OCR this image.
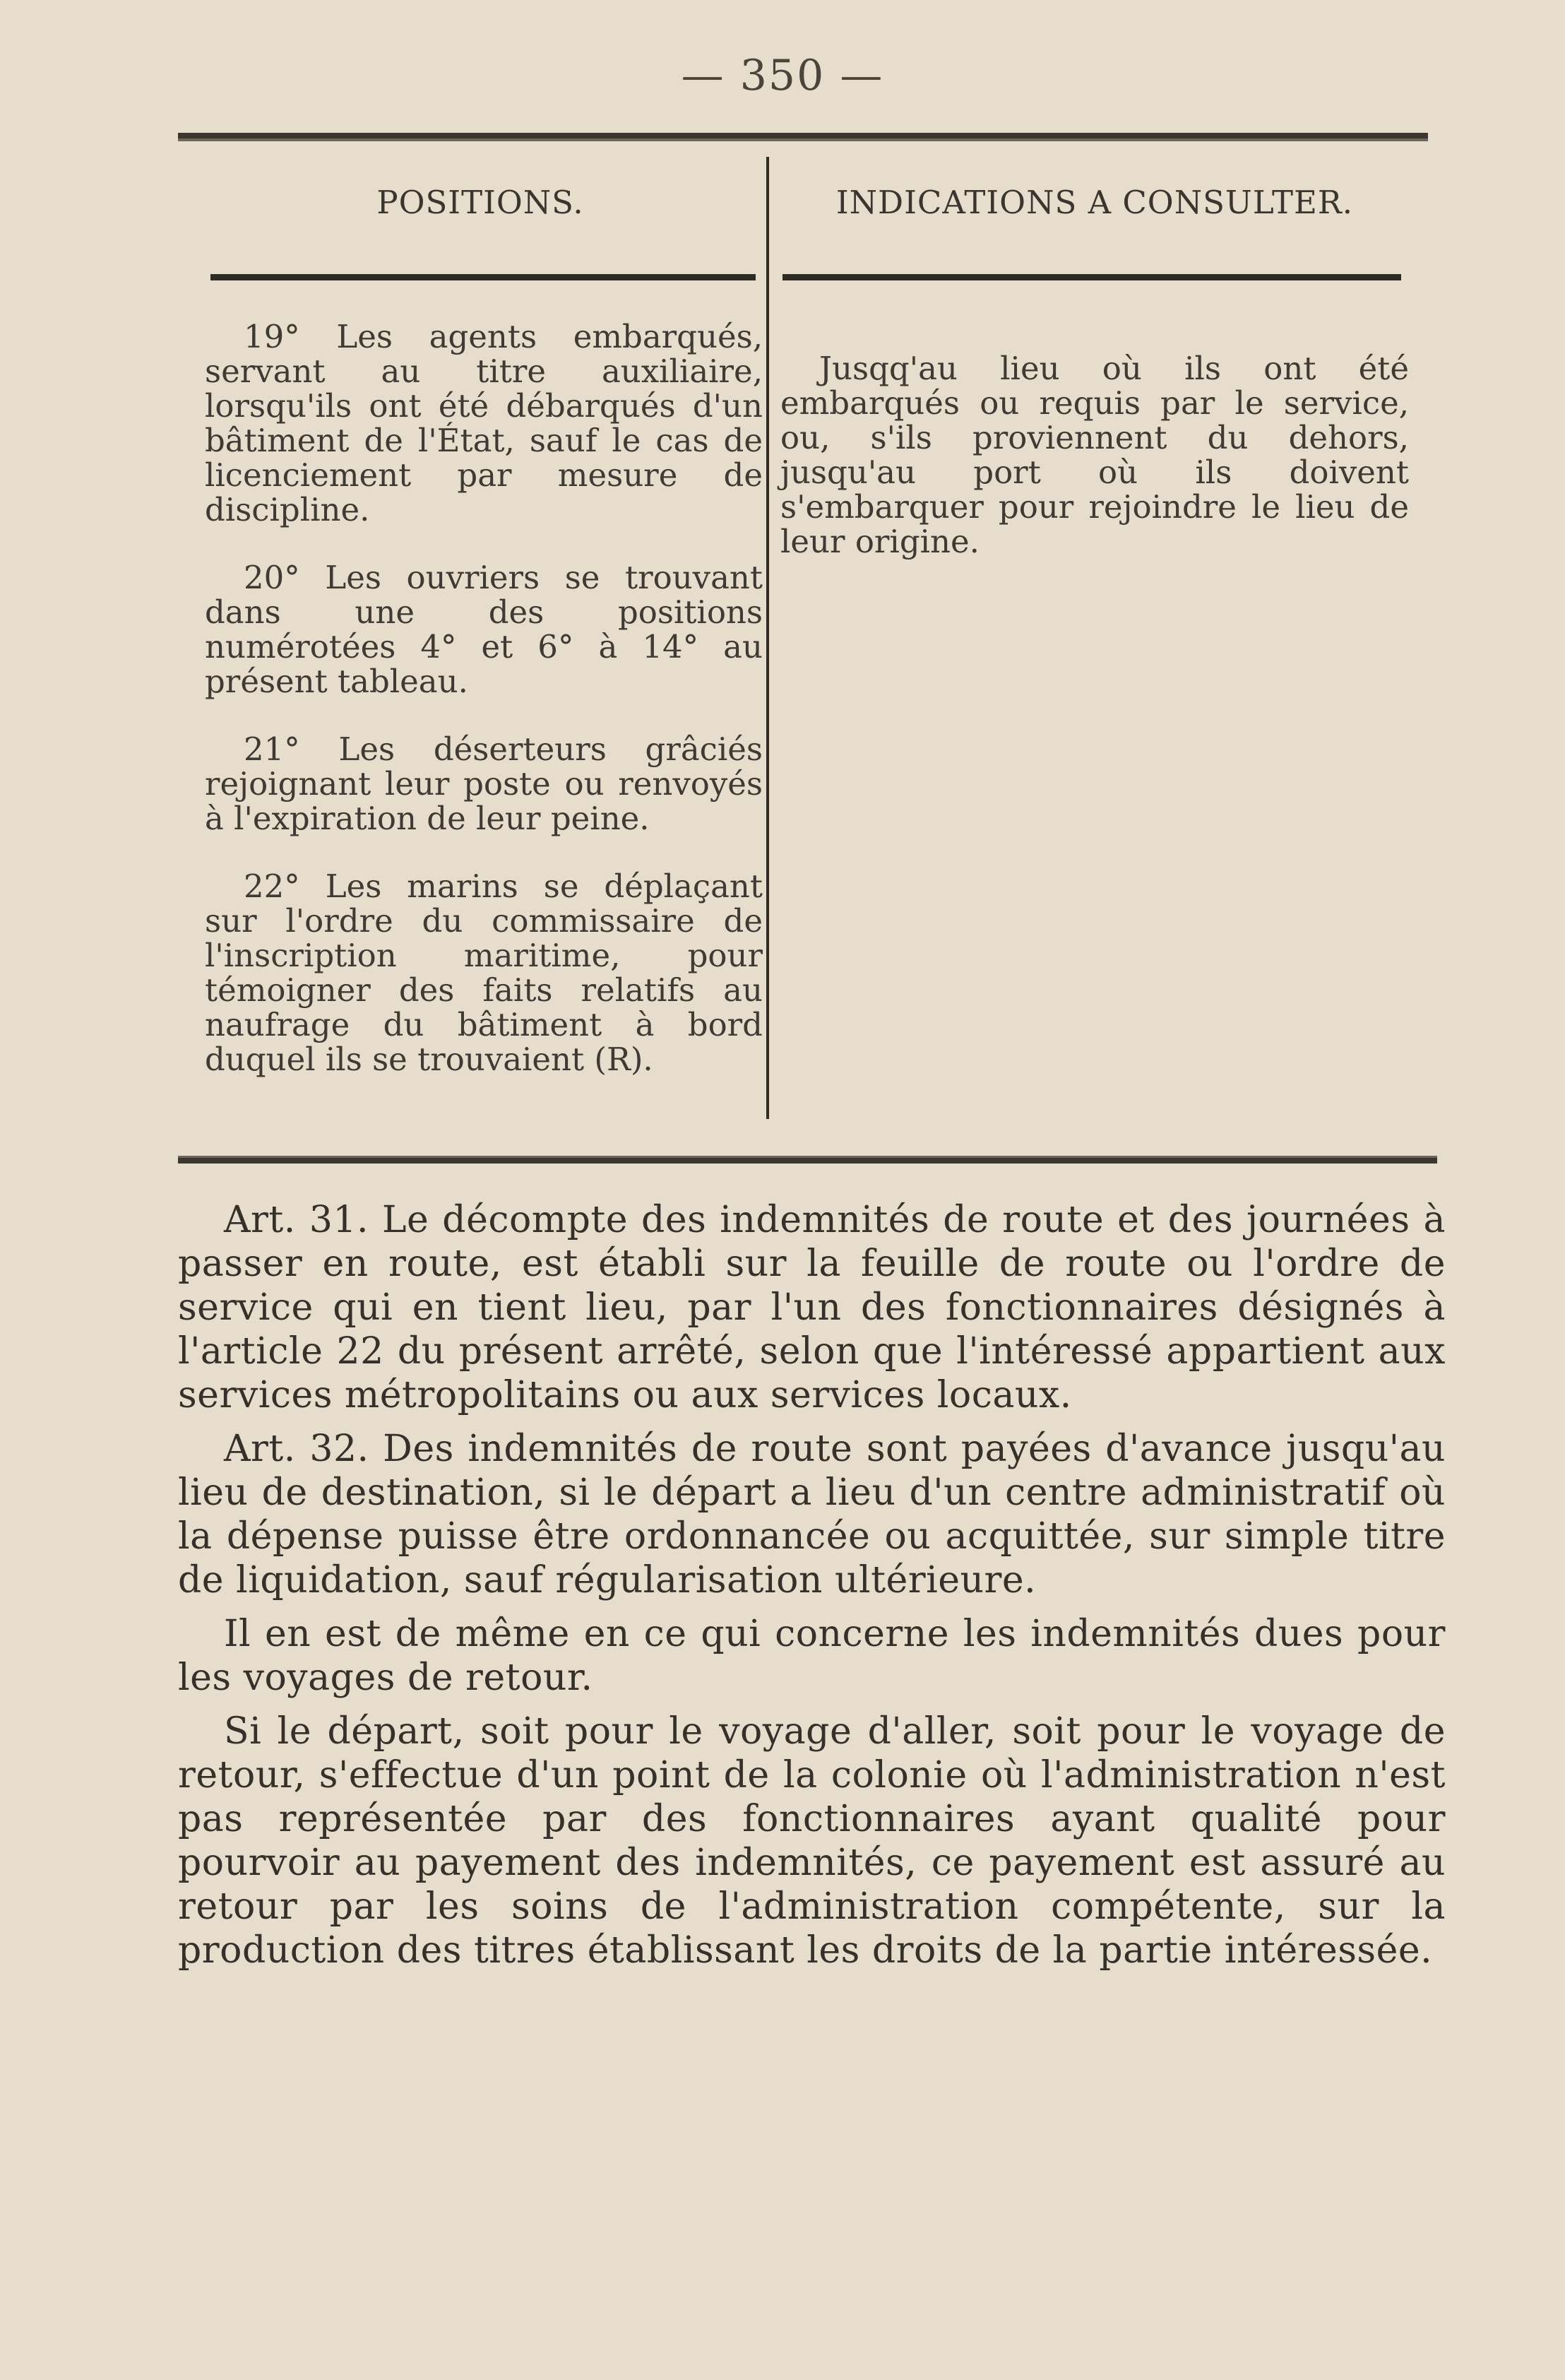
— 350 —
POSITIONS.	INDICATIONS A CONSULTER.

19° Les agents embarqués, servant au titre auxiliaire, lorsqu'ils ont été débarqués d'un bâtiment de l'État, sauf le cas de licenciement par mesure de discipline.

20° Les ouvriers se trouvant dans une des positions numérotées 4° et 6° à 14° au présent tableau.

21° Les déserteurs grâciés rejoignant leur poste ou renvoyés à l'expiration de leur peine.

22° Les marins se déplaçant sur l'ordre du commissaire de l'inscription maritime, pour témoigner des faits relatifs au naufrage du bâtiment à bord duquel ils se trouvaient (R).

Jusqq'au lieu où ils ont été embarqués ou requis par le service, ou, s'ils proviennent du dehors, jusqu'au port où ils doivent s'embarquer pour rejoindre le lieu de leur origine.

Art. 31. Le décompte des indemnités de route et des journées à passer en route, est établi sur la feuille de route ou l'ordre de service qui en tient lieu, par l'un des fonctionnaires désignés à l'article 22 du présent arrêté, selon que l'intéressé appartient aux services métropolitains ou aux services locaux.

Art. 32. Des indemnités de route sont payées d'avance jusqu'au lieu de destination, si le départ a lieu d'un centre administratif où la dépense puisse être ordonnancée ou acquittée, sur simple titre de liquidation, sauf régularisation ultérieure.

Il en est de même en ce qui concerne les indemnités dues pour les voyages de retour.

Si le départ, soit pour le voyage d'aller, soit pour le voyage de retour, s'effectue d'un point de la colonie où l'administration n'est pas représentée par des fonctionnaires ayant qualité pour pourvoir au payement des indemnités, ce payement est assuré au retour par les soins de l'administration compétente, sur la production des titres établissant les droits de la partie intéressée.
